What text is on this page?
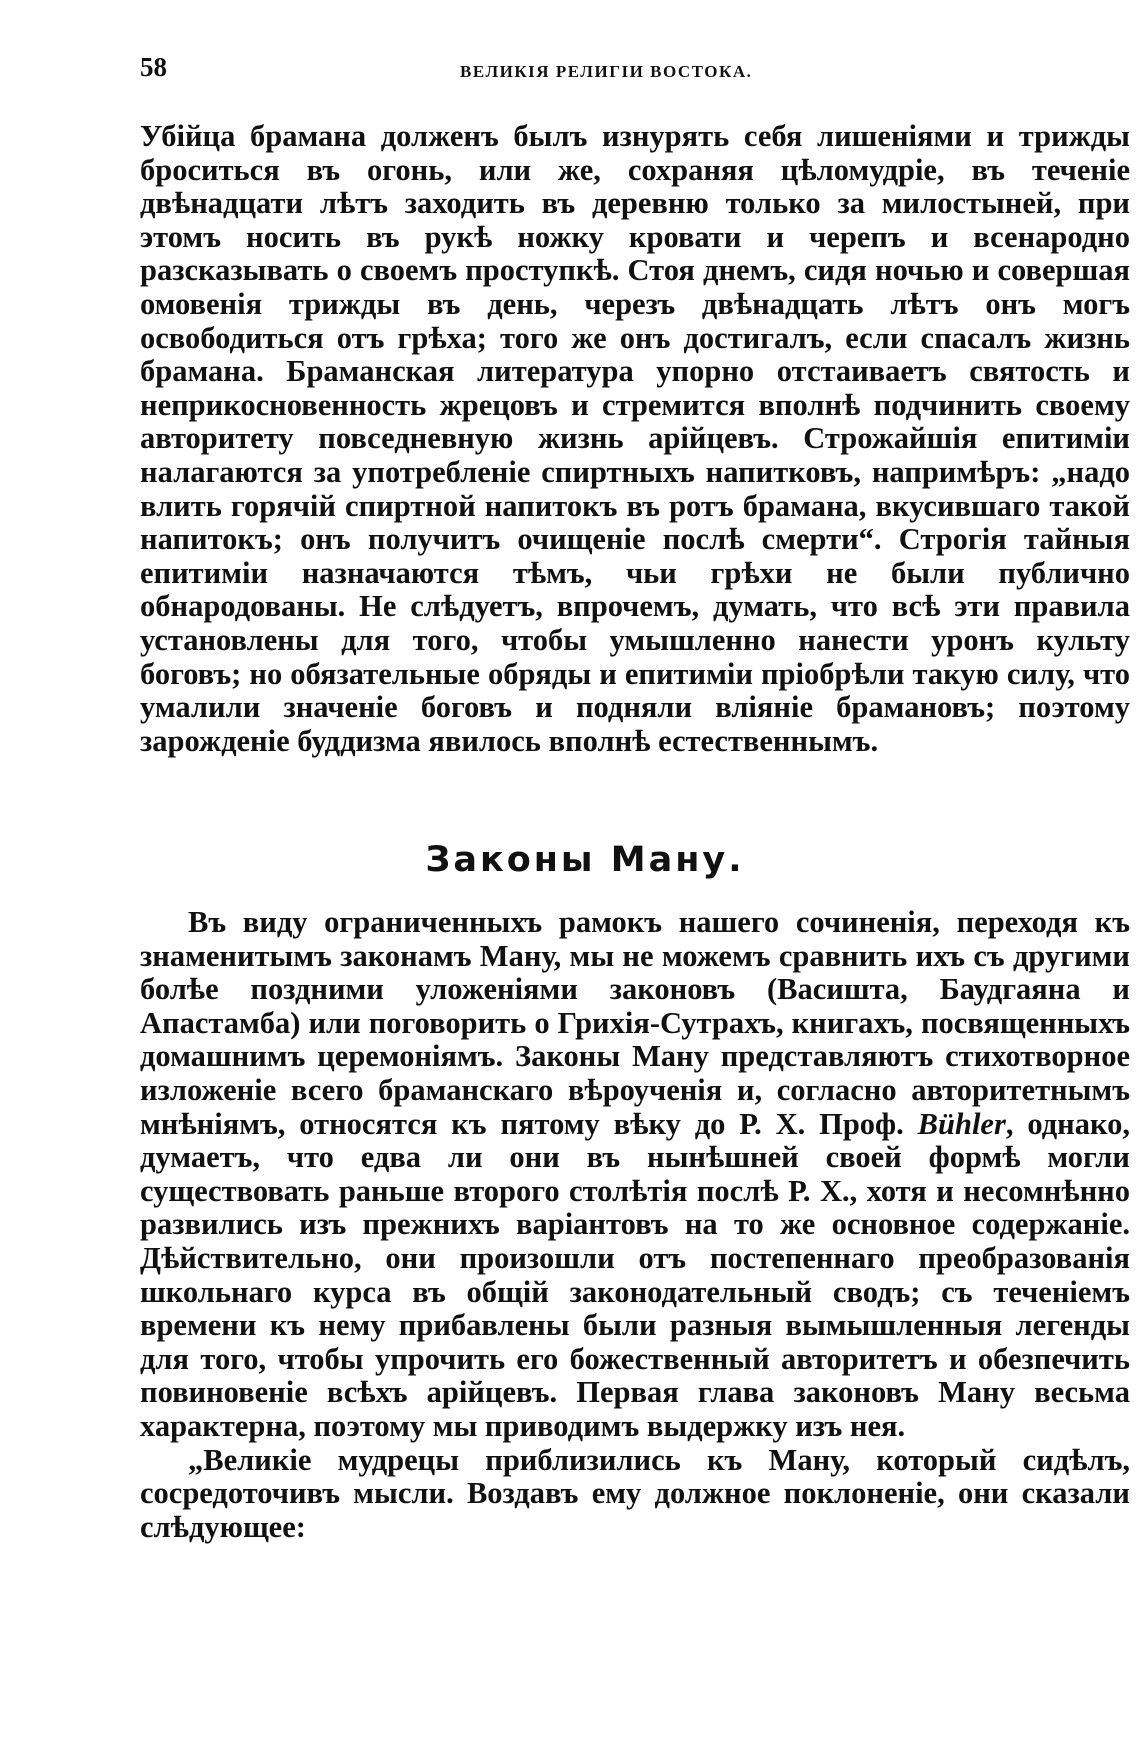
58	ВЕЛИКІЯ РЕЛИГІИ ВОСТОКА.

Убійца брамана долженъ былъ изнурять себя лишеніями и трижды броситься въ огонь, или же, сохраняя цѣломудріе, въ теченіе двѣнадцати лѣтъ заходить въ деревню только за милостыней, при этомъ носить въ рукѣ ножку кровати и черепъ и всенародно разсказывать о своемъ проступкѣ. Стоя днемъ, сидя ночью и совершая омовенія трижды въ день, черезъ двѣнадцать лѣтъ онъ могъ освободиться отъ грѣха; того же онъ достигалъ, если спасалъ жизнь брамана. Браманская литература упорно отстаиваетъ святость и неприкосновенность жрецовъ и стремится вполнѣ подчинить своему авторитету повседневную жизнь арійцевъ. Строжайшія епитиміи налагаются за употребленіе спиртныхъ напитковъ, напримѣръ: „надо влить горячій спиртной напитокъ въ ротъ брамана, вкусившаго такой напитокъ; онъ получитъ очищеніе послѣ смерти“. Строгія тайныя епитиміи назначаются тѣмъ, чьи грѣхи не были публично обнародованы. Не слѣдуетъ, впрочемъ, думать, что всѣ эти правила установлены для того, чтобы умышленно нанести уронъ культу боговъ; но обязательные обряды и епитиміи пріобрѣли такую силу, что умалили значеніе боговъ и подняли вліяніе брамановъ; поэтому зарожденіе буддизма явилось вполнѣ естественнымъ.

Законы Ману.

Въ виду ограниченныхъ рамокъ нашего сочиненія, переходя къ знаменитымъ законамъ Ману, мы не можемъ сравнить ихъ съ другими болѣе поздними уложеніями законовъ (Васишта, Баудгаяна и Апастамба) или поговорить о Грихія-Сутрахъ, книгахъ, посвященныхъ домашнимъ церемоніямъ. Законы Ману представляютъ стихотворное изложеніе всего браманскаго вѣроученія и, согласно авторитетнымъ мнѣніямъ, относятся къ пятому вѣку до Р. Х. Проф. Bühler, однако, думаетъ, что едва ли они въ нынѣшней своей формѣ могли существовать раньше второго столѣтія послѣ Р. Х., хотя и несомнѣнно развились изъ прежнихъ варіантовъ на то же основное содержаніе. Дѣйствительно, они произошли отъ постепеннаго преобразованія школьнаго курса въ общій законодательный сводъ; съ теченіемъ времени къ нему прибавлены были разныя вымышленныя легенды для того, чтобы упрочить его божественный авторитетъ и обезпечить повиновеніе всѣхъ арійцевъ. Первая глава законовъ Ману весьма характерна, поэтому мы приводимъ выдержку изъ нея.

„Великіе мудрецы приблизились къ Ману, который сидѣлъ, сосредоточивъ мысли. Воздавъ ему должное поклоненіе, они сказали слѣдующее:
